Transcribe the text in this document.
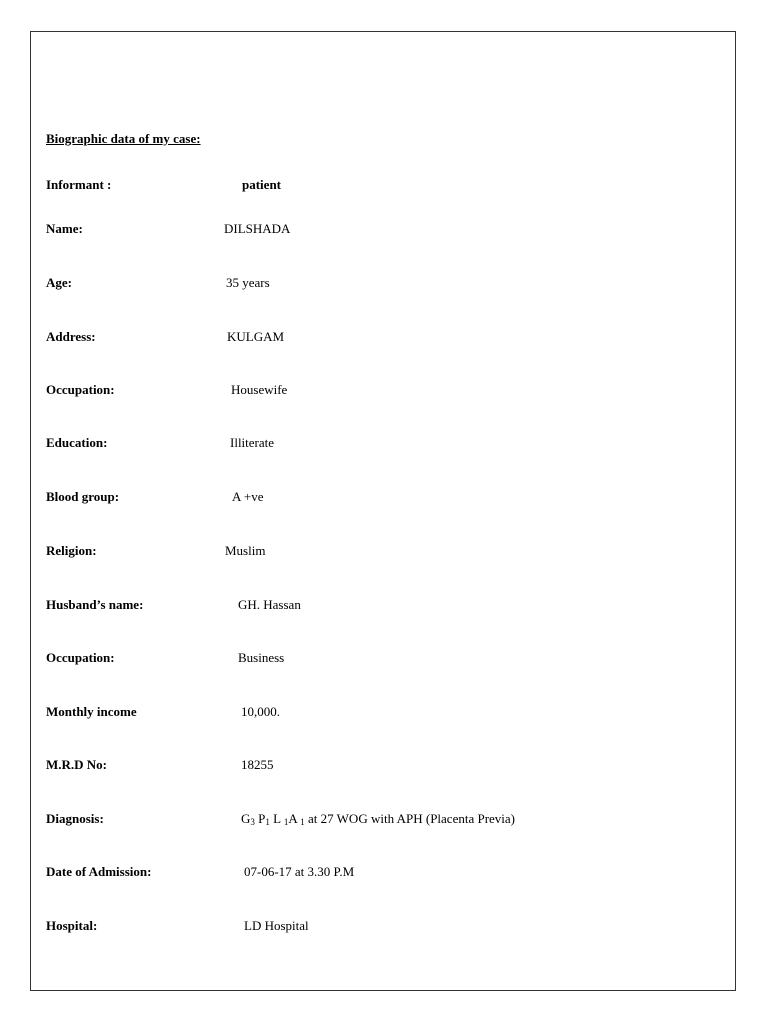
Biographic data of my case:
Informant :	patient
Name:	DILSHADA
Age:	35 years
Address:	KULGAM
Occupation:	Housewife
Education:	Illiterate
Blood group:	A +ve
Religion:	Muslim
Husband’s name:	GH. Hassan
Occupation:	Business
Monthly income	10,000.
M.R.D No:	18255
Diagnosis:	$G_3$ $P_1$ L $_1$A $_1$ at 27 WOG with APH (Placenta Previa)
Date of Admission:	07-06-17 at 3.30 P.M
Hospital:	LD Hospital
